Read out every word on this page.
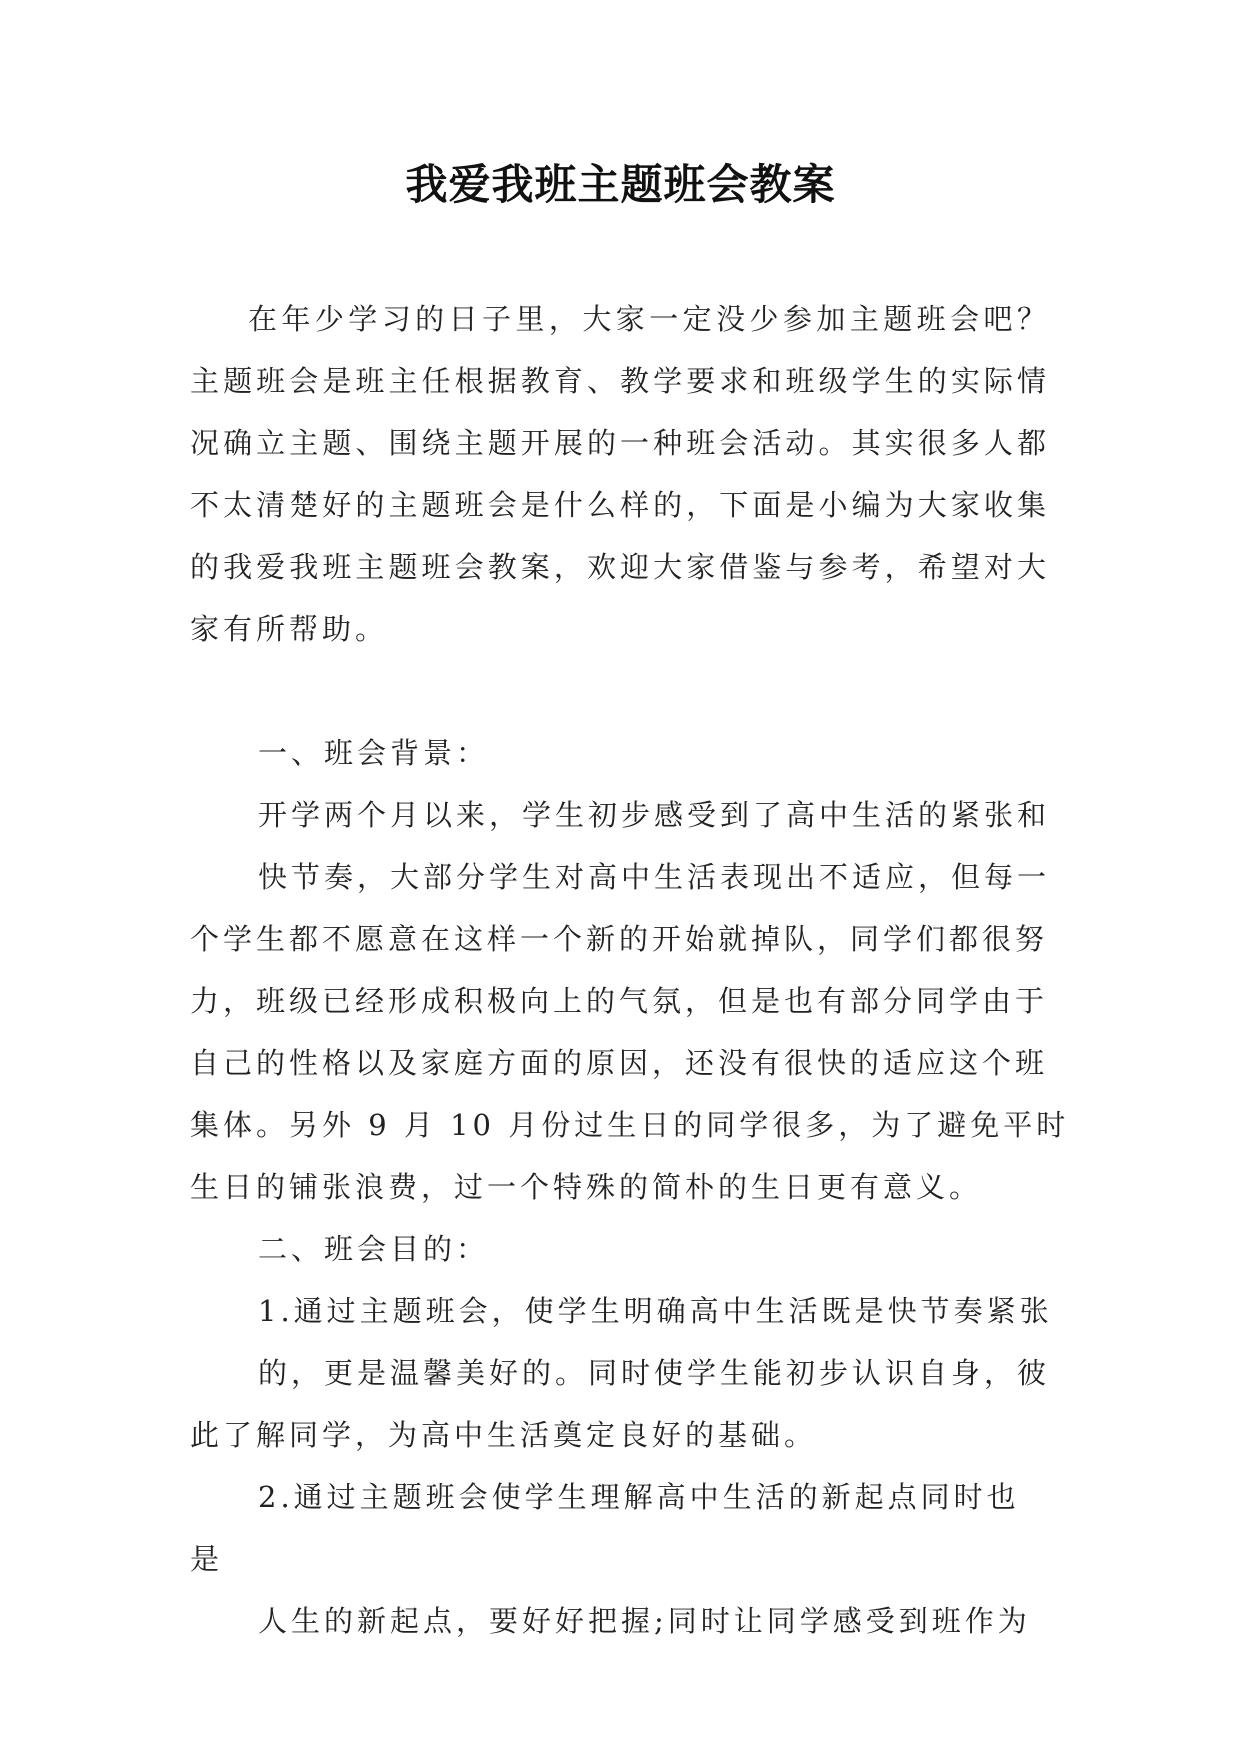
我爱我班主题班会教案

在年少学习的日子里，大家一定没少参加主题班会吧？主题班会是班主任根据教育、教学要求和班级学生的实际情况确立主题、围绕主题开展的一种班会活动。其实很多人都不太清楚好的主题班会是什么样的，下面是小编为大家收集的我爱我班主题班会教案，欢迎大家借鉴与参考，希望对大家有所帮助。

一、班会背景：

开学两个月以来，学生初步感受到了高中生活的紧张和

快节奏，大部分学生对高中生活表现出不适应，但每一

个学生都不愿意在这样一个新的开始就掉队，同学们都很努

力，班级已经形成积极向上的气氛，但是也有部分同学由于

自己的性格以及家庭方面的原因，还没有很快的适应这个班

集体。另外 9 月 10 月份过生日的同学很多，为了避免平时

生日的铺张浪费，过一个特殊的简朴的生日更有意义。

二、班会目的：

1.通过主题班会，使学生明确高中生活既是快节奏紧张

的，更是温馨美好的。同时使学生能初步认识自身，彼

此了解同学，为高中生活奠定良好的基础。

2.通过主题班会使学生理解高中生活的新起点同时也

是

人生的新起点，要好好把握;同时让同学感受到班作为
